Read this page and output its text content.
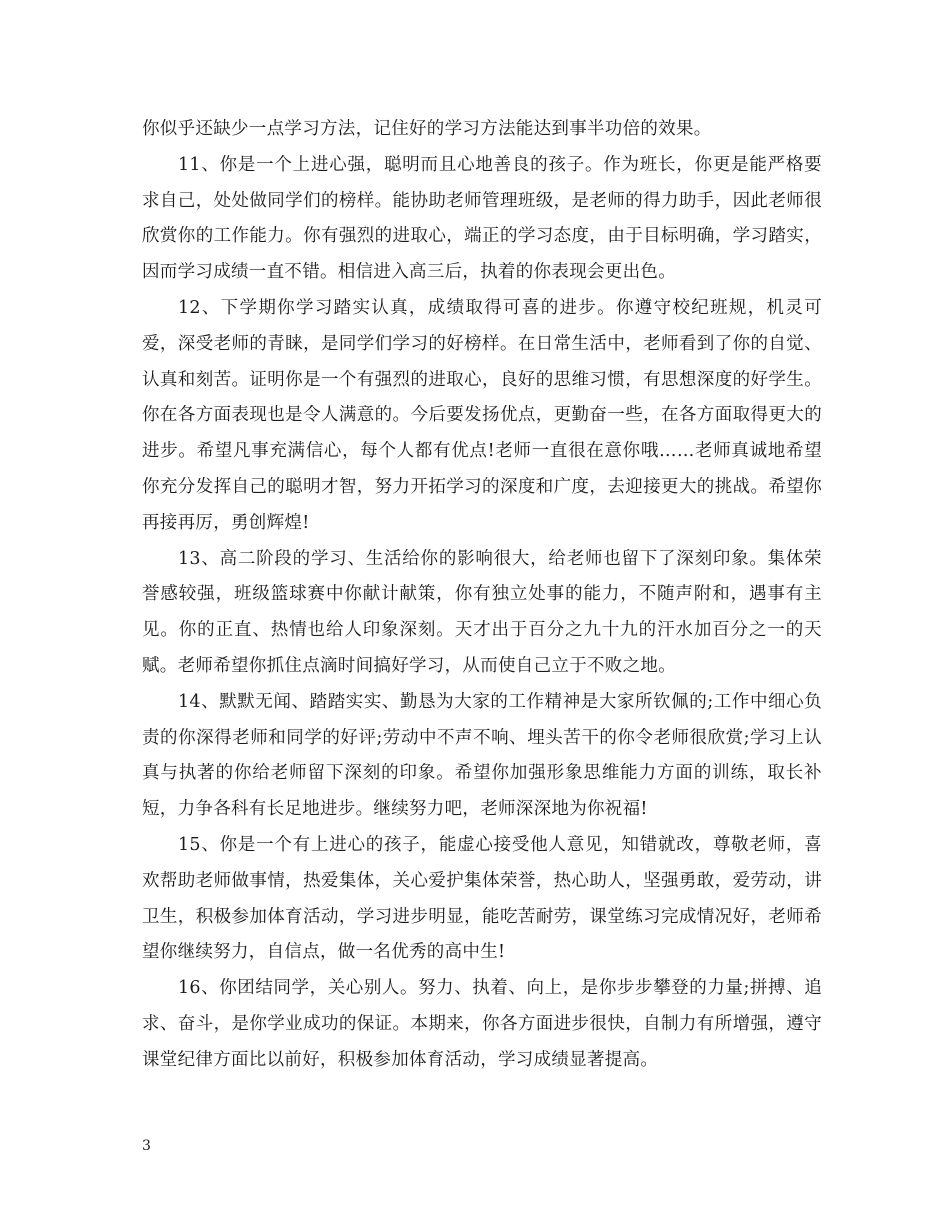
你似乎还缺少一点学习方法，记住好的学习方法能达到事半功倍的效果。

11、你是一个上进心强，聪明而且心地善良的孩子。作为班长，你更是能严格要求自己，处处做同学们的榜样。能协助老师管理班级，是老师的得力助手，因此老师很欣赏你的工作能力。你有强烈的进取心，端正的学习态度，由于目标明确，学习踏实，因而学习成绩一直不错。相信进入高三后，执着的你表现会更出色。

12、下学期你学习踏实认真，成绩取得可喜的进步。你遵守校纪班规，机灵可爱，深受老师的青睐，是同学们学习的好榜样。在日常生活中，老师看到了你的自觉、认真和刻苦。证明你是一个有强烈的进取心，良好的思维习惯，有思想深度的好学生。你在各方面表现也是令人满意的。今后要发扬优点，更勤奋一些，在各方面取得更大的进步。希望凡事充满信心，每个人都有优点!老师一直很在意你哦……老师真诚地希望你充分发挥自己的聪明才智，努力开拓学习的深度和广度，去迎接更大的挑战。希望你再接再厉，勇创辉煌!

13、高二阶段的学习、生活给你的影响很大，给老师也留下了深刻印象。集体荣誉感较强，班级篮球赛中你献计献策，你有独立处事的能力，不随声附和，遇事有主见。你的正直、热情也给人印象深刻。天才出于百分之九十九的汗水加百分之一的天赋。老师希望你抓住点滴时间搞好学习，从而使自己立于不败之地。

14、默默无闻、踏踏实实、勤恳为大家的工作精神是大家所钦佩的;工作中细心负责的你深得老师和同学的好评;劳动中不声不响、埋头苦干的你令老师很欣赏;学习上认真与执著的你给老师留下深刻的印象。希望你加强形象思维能力方面的训练，取长补短，力争各科有长足地进步。继续努力吧，老师深深地为你祝福!

15、你是一个有上进心的孩子，能虚心接受他人意见，知错就改，尊敬老师，喜欢帮助老师做事情，热爱集体，关心爱护集体荣誉，热心助人，坚强勇敢，爱劳动，讲卫生，积极参加体育活动，学习进步明显，能吃苦耐劳，课堂练习完成情况好，老师希望你继续努力，自信点，做一名优秀的高中生!

16、你团结同学，关心别人。努力、执着、向上，是你步步攀登的力量;拼搏、追求、奋斗，是你学业成功的保证。本期来，你各方面进步很快，自制力有所增强，遵守课堂纪律方面比以前好，积极参加体育活动，学习成绩显著提高。

3
